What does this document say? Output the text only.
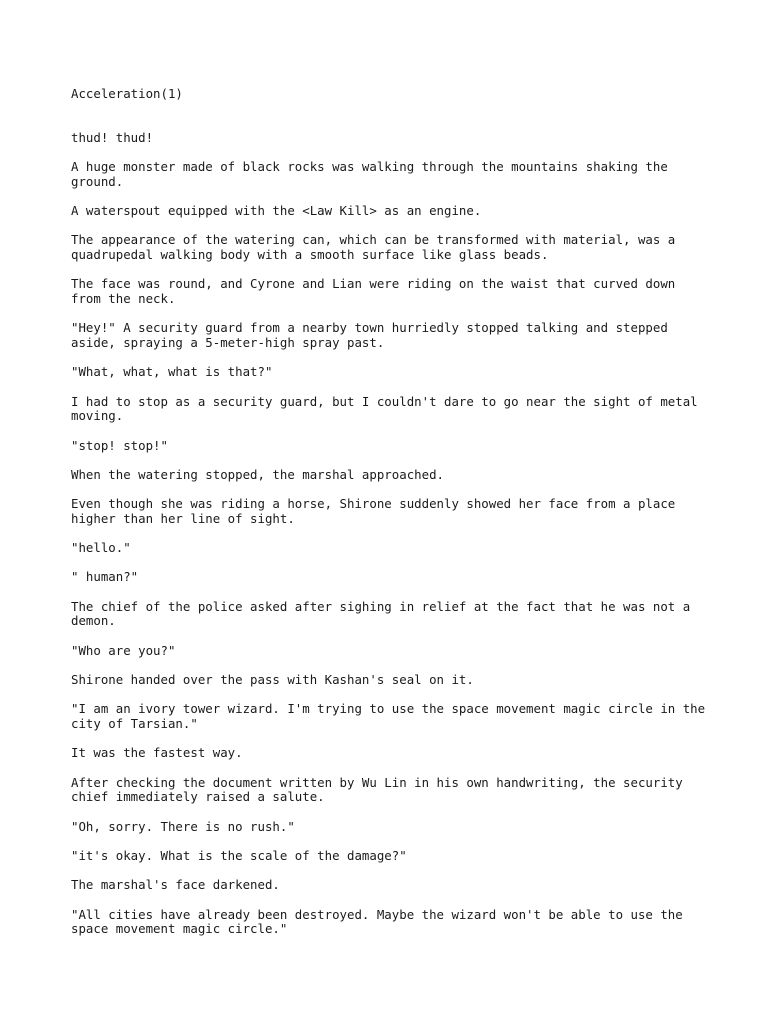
Acceleration(1)
thud! thud!
A huge monster made of black rocks was walking through the mountains shaking the ground.
A waterspout equipped with the <Law Kill> as an engine.
The appearance of the watering can, which can be transformed with material, was a quadrupedal walking body with a smooth surface like glass beads.
The face was round, and Cyrone and Lian were riding on the waist that curved down from the neck.
"Hey!" A security guard from a nearby town hurriedly stopped talking and stepped aside, spraying a 5-meter-high spray past.
"What, what, what is that?"
I had to stop as a security guard, but I couldn't dare to go near the sight of metal moving.
"stop! stop!"
When the watering stopped, the marshal approached.
Even though she was riding a horse, Shirone suddenly showed her face from a place higher than her line of sight.
"hello."
" human?"
The chief of the police asked after sighing in relief at the fact that he was not a demon.
"Who are you?"
Shirone handed over the pass with Kashan's seal on it.
"I am an ivory tower wizard. I'm trying to use the space movement magic circle in the city of Tarsian."
It was the fastest way.
After checking the document written by Wu Lin in his own handwriting, the security chief immediately raised a salute.
"Oh, sorry. There is no rush."
"it's okay. What is the scale of the damage?"
The marshal's face darkened.
"All cities have already been destroyed. Maybe the wizard won't be able to use the space movement magic circle."
